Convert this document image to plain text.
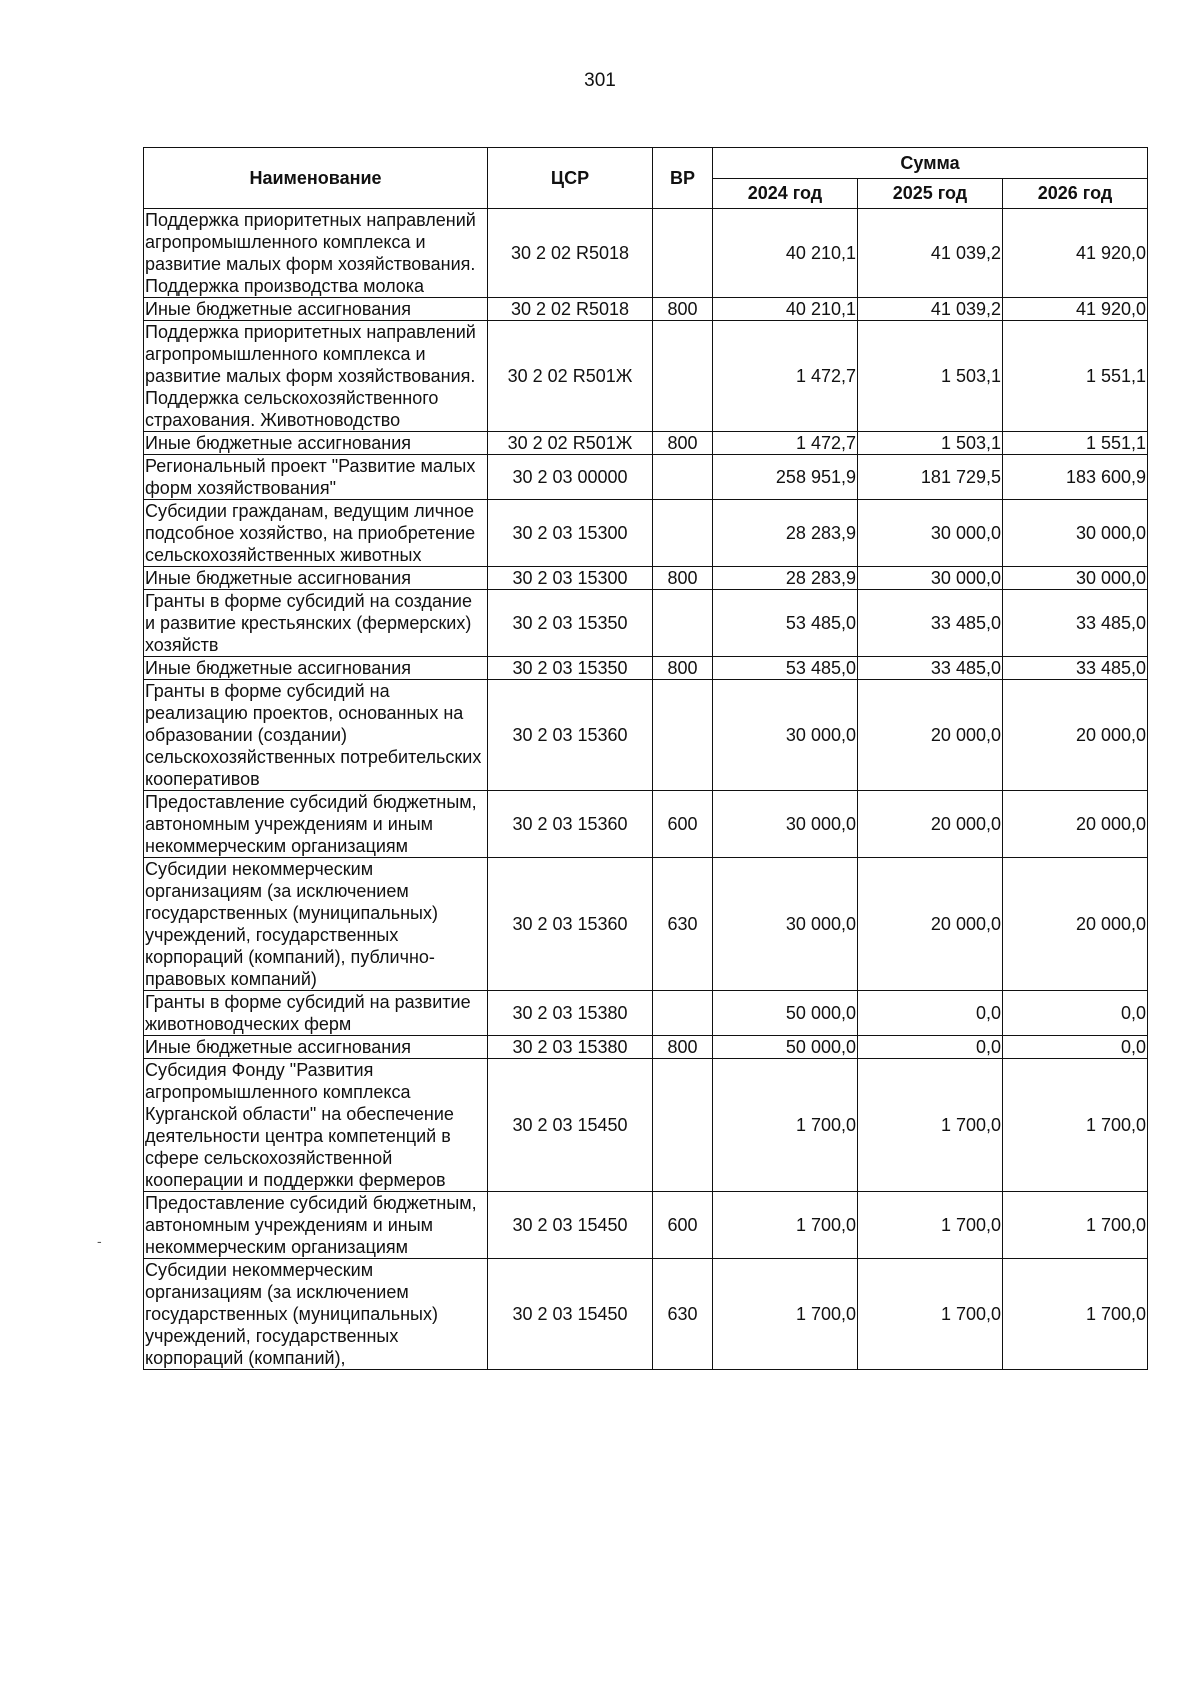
301
-
Наименование	ЦСР	ВР	Сумма		
			2024 год	2025 год	2026 год
Поддержка приоритетных направлений агропромышленного комплекса и развитие малых форм хозяйствования. Поддержка производства молока	30 2 02 R5018		40 210,1	41 039,2	41 920,0
Иные бюджетные ассигнования	30 2 02 R5018	800	40 210,1	41 039,2	41 920,0
Поддержка приоритетных направлений агропромышленного комплекса и развитие малых форм хозяйствования. Поддержка сельскохозяйственного страхования. Животноводство	30 2 02 R501Ж		1 472,7	1 503,1	1 551,1
Иные бюджетные ассигнования	30 2 02 R501Ж	800	1 472,7	1 503,1	1 551,1
Региональный проект "Развитие малых форм хозяйствования"	30 2 03 00000		258 951,9	181 729,5	183 600,9
Субсидии гражданам, ведущим личное подсобное хозяйство, на приобретение сельскохозяйственных животных	30 2 03 15300		28 283,9	30 000,0	30 000,0
Иные бюджетные ассигнования	30 2 03 15300	800	28 283,9	30 000,0	30 000,0
Гранты в форме субсидий на создание и развитие крестьянских (фермерских) хозяйств	30 2 03 15350		53 485,0	33 485,0	33 485,0
Иные бюджетные ассигнования	30 2 03 15350	800	53 485,0	33 485,0	33 485,0
Гранты в форме субсидий на реализацию проектов, основанных на образовании (создании) сельскохозяйственных потребительских кооперативов	30 2 03 15360		30 000,0	20 000,0	20 000,0
Предоставление субсидий бюджетным, автономным учреждениям и иным некоммерческим организациям	30 2 03 15360	600	30 000,0	20 000,0	20 000,0
Субсидии некоммерческим организациям (за исключением государственных (муниципальных) учреждений, государственных корпораций (компаний), публично-правовых компаний)	30 2 03 15360	630	30 000,0	20 000,0	20 000,0
Гранты в форме субсидий на развитие животноводческих ферм	30 2 03 15380		50 000,0	0,0	0,0
Иные бюджетные ассигнования	30 2 03 15380	800	50 000,0	0,0	0,0
Субсидия Фонду "Развития агропромышленного комплекса Курганской области" на обеспечение деятельности центра компетенций в сфере сельскохозяйственной кооперации и поддержки фермеров	30 2 03 15450		1 700,0	1 700,0	1 700,0
Предоставление субсидий бюджетным, автономным учреждениям и иным некоммерческим организациям	30 2 03 15450	600	1 700,0	1 700,0	1 700,0
Субсидии некоммерческим организациям (за исключением государственных (муниципальных) учреждений, государственных корпораций (компаний),	30 2 03 15450	630	1 700,0	1 700,0	1 700,0
